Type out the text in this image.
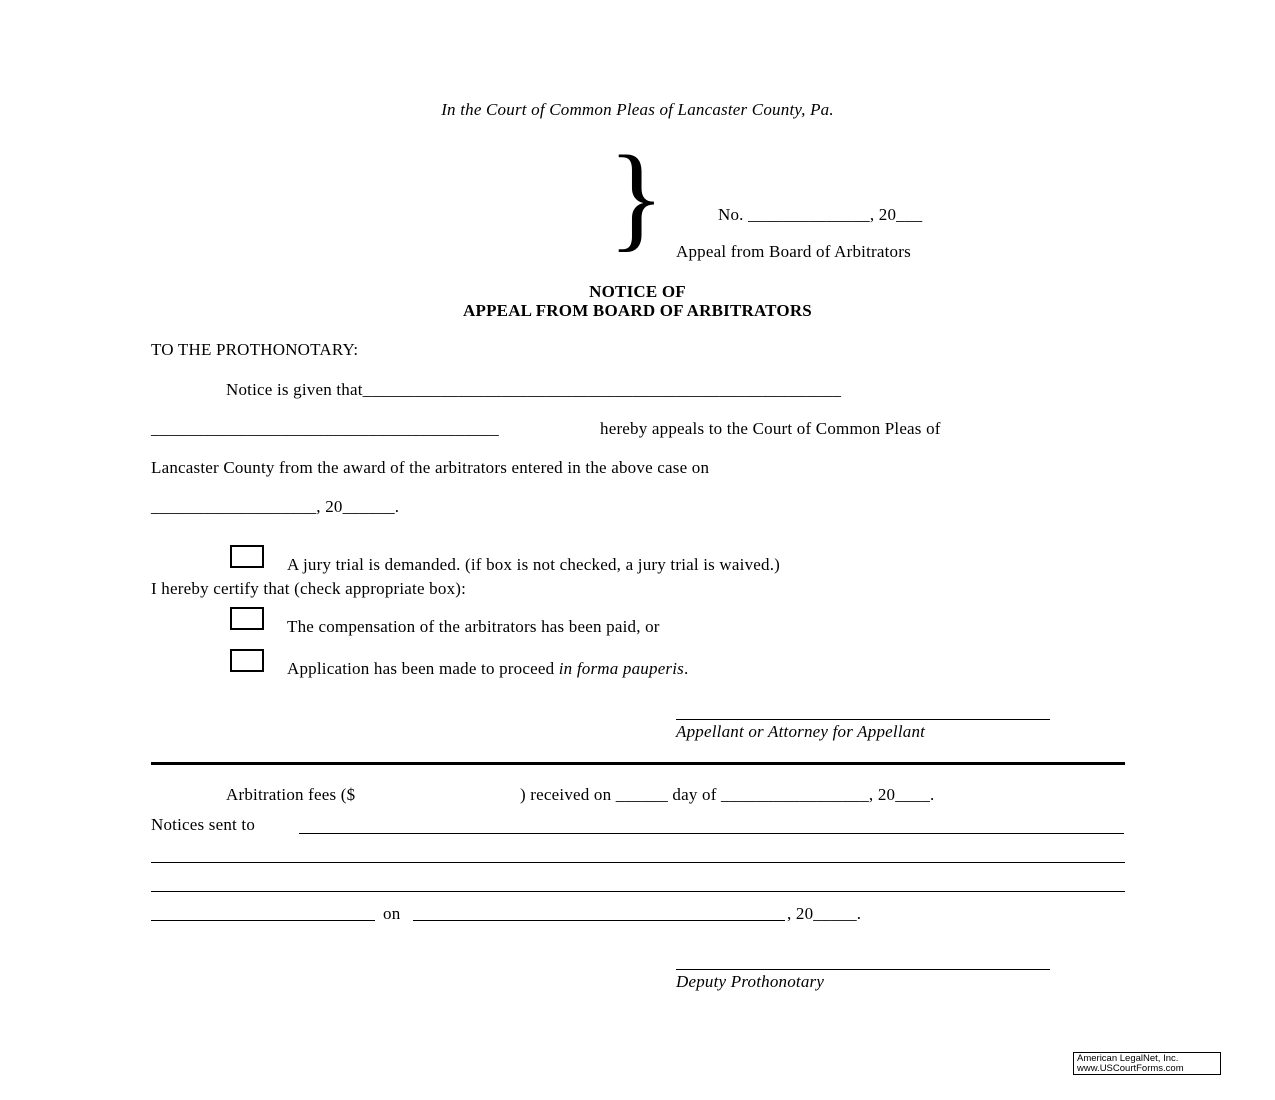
In the Court of Common Pleas of Lancaster County, Pa.
}	No. ______________, 20___
Appeal from Board of Arbitrators
NOTICE OF
APPEAL FROM BOARD OF ARBITRATORS
TO THE PROTHONOTARY:
Notice is given that_______________________________________________________
________________________________________	hereby appeals to the Court of Common Pleas of
Lancaster County from the award of the arbitrators entered in the above case on
___________________, 20______.
A jury trial is demanded. (if box is not checked, a jury trial is waived.)
I hereby certify that (check appropriate box):
The compensation of the arbitrators has been paid, or
Application has been made to proceed in forma pauperis.
Appellant or Attorney for Appellant
Arbitration fees ($	) received on ______ day of _________________, 20____.
Notices sent to
on	, 20_____.
Deputy Prothonotary
American LegalNet, Inc.
www.USCourtForms.com
